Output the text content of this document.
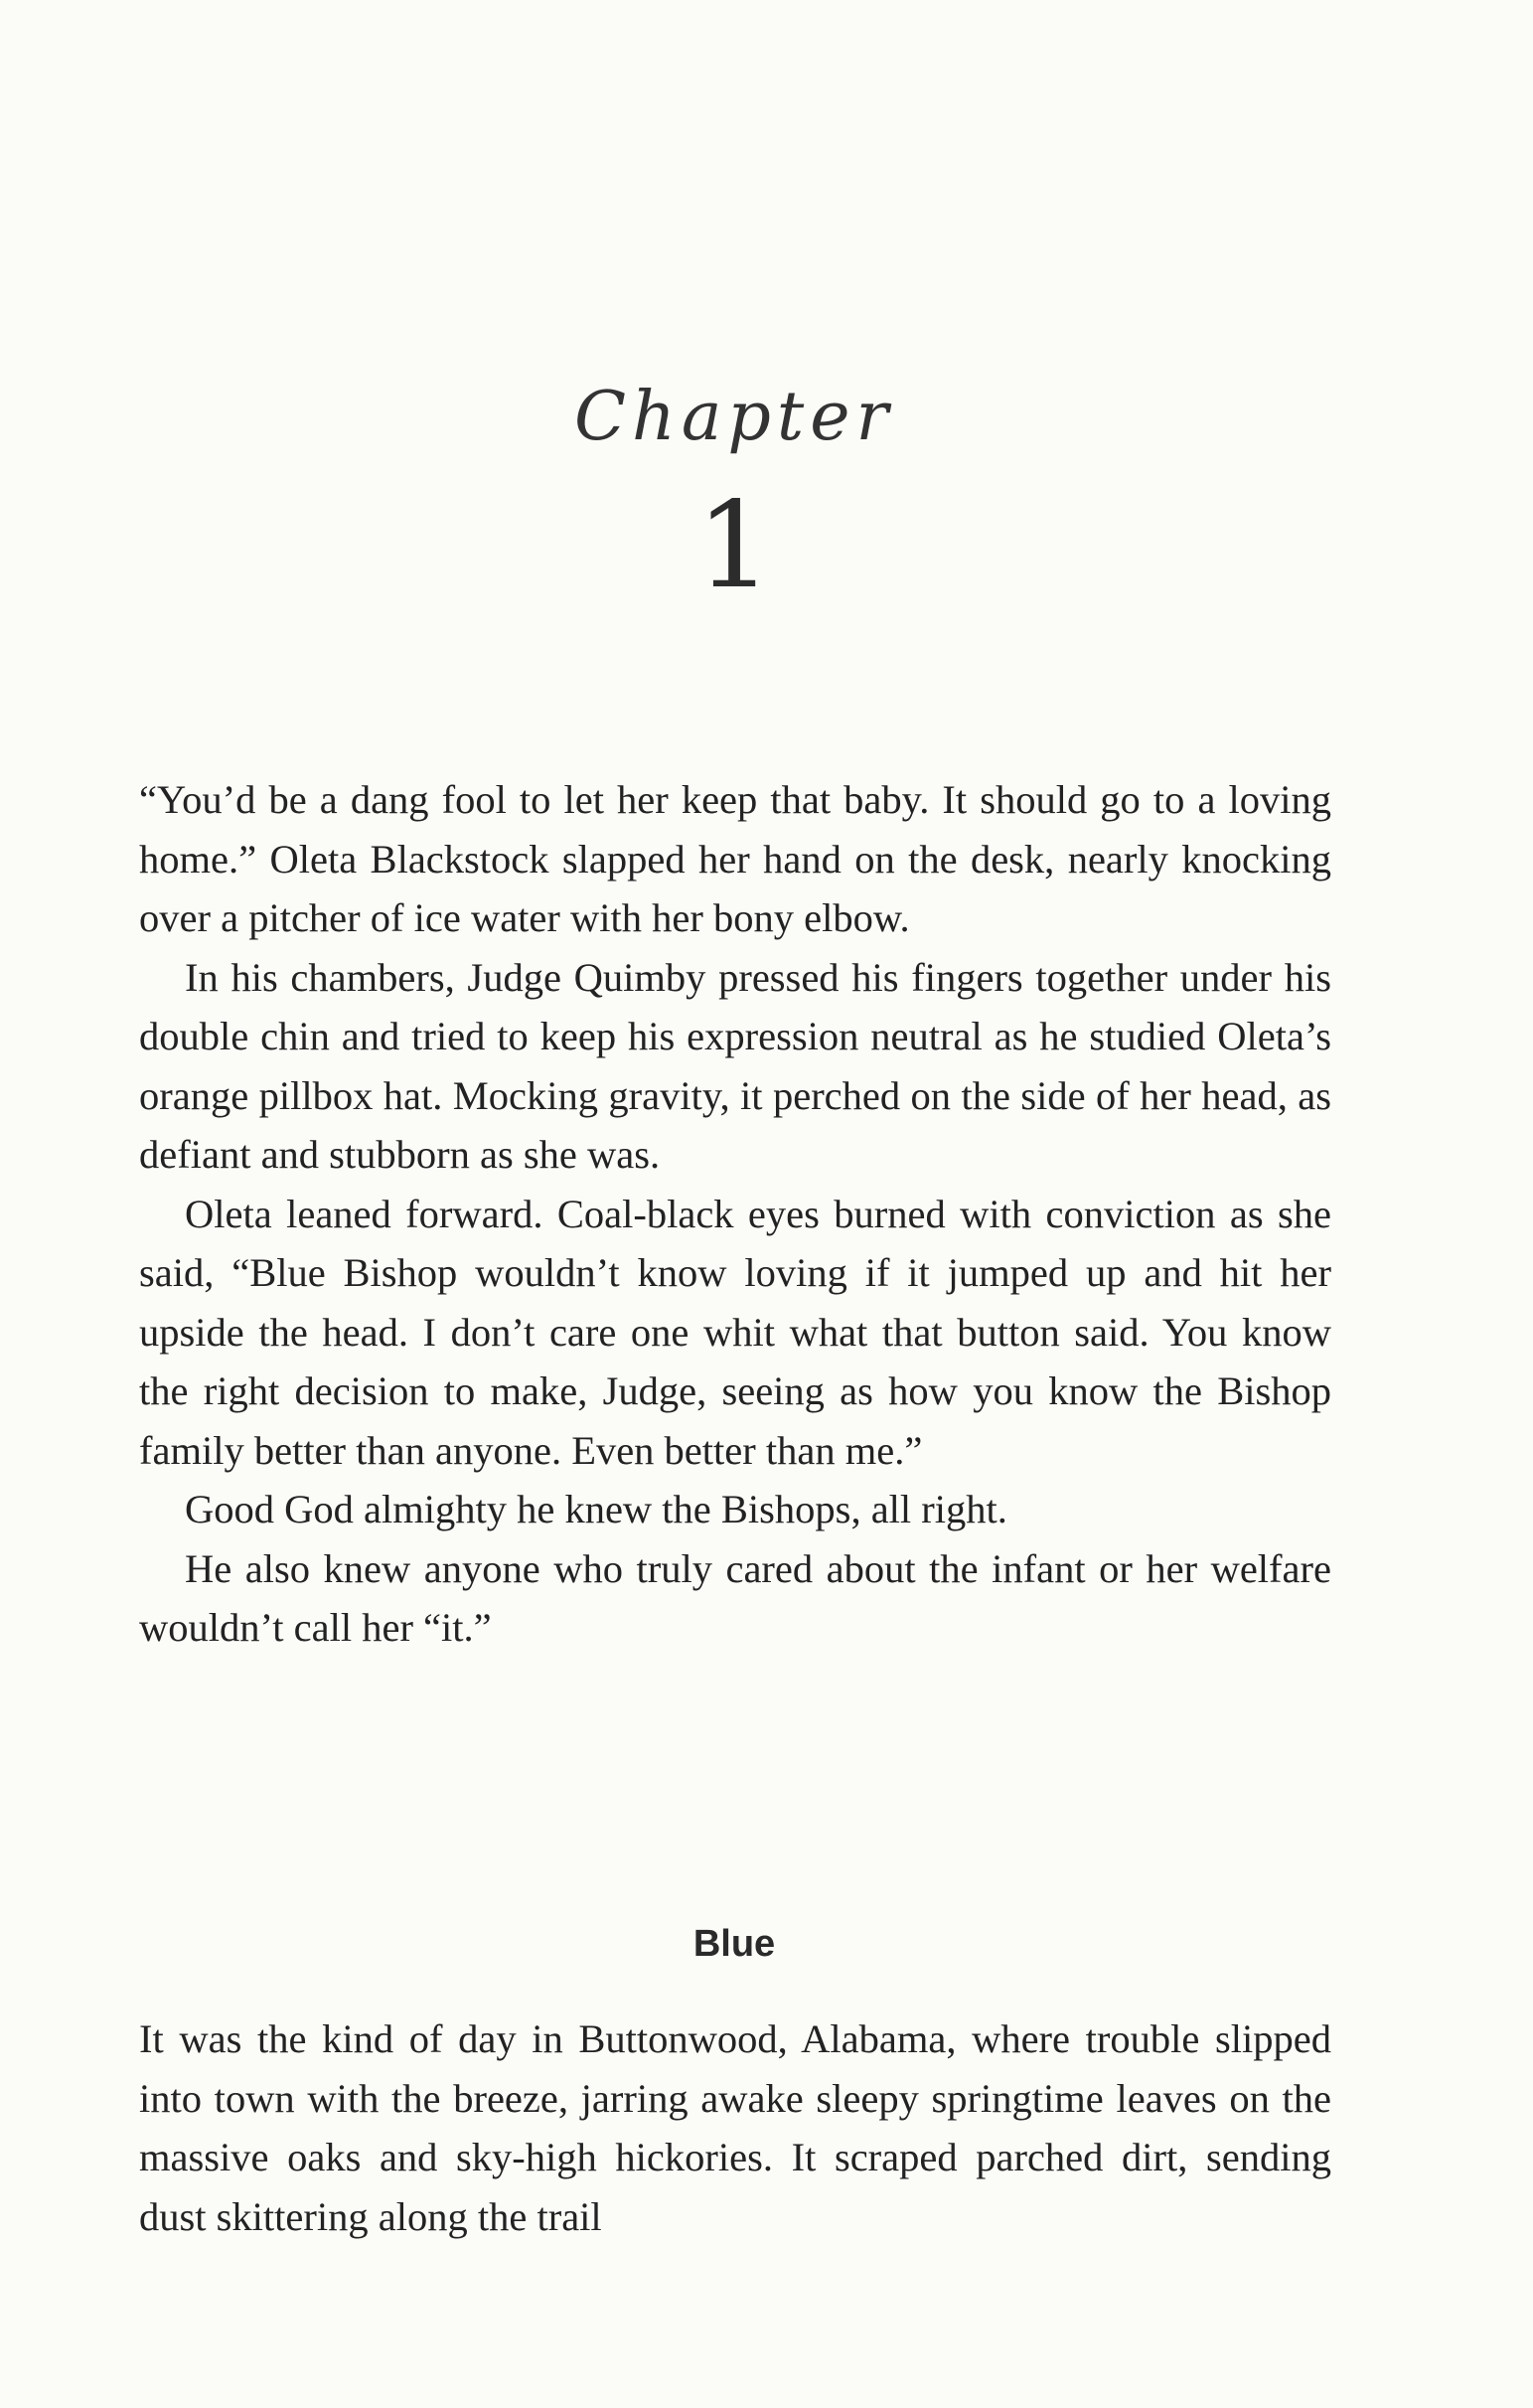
Chapter
1

“You’d be a dang fool to let her keep that baby. It should go to a loving home.” Oleta Blackstock slapped her hand on the desk, nearly knocking over a pitcher of ice water with her bony elbow.

In his chambers, Judge Quimby pressed his fingers together under his double chin and tried to keep his expression neutral as he studied Oleta’s orange pillbox hat. Mocking gravity, it perched on the side of her head, as defiant and stubborn as she was.

Oleta leaned forward. Coal-black eyes burned with conviction as she said, “Blue Bishop wouldn’t know loving if it jumped up and hit her upside the head. I don’t care one whit what that button said. You know the right decision to make, Judge, seeing as how you know the Bishop family better than anyone. Even better than me.”

Good God almighty he knew the Bishops, all right.

He also knew anyone who truly cared about the infant or her welfare wouldn’t call her “it.”

Blue

It was the kind of day in Buttonwood, Alabama, where trouble slipped into town with the breeze, jarring awake sleepy springtime leaves on the massive oaks and sky-high hickories. It scraped parched dirt, sending dust skittering along the trail
